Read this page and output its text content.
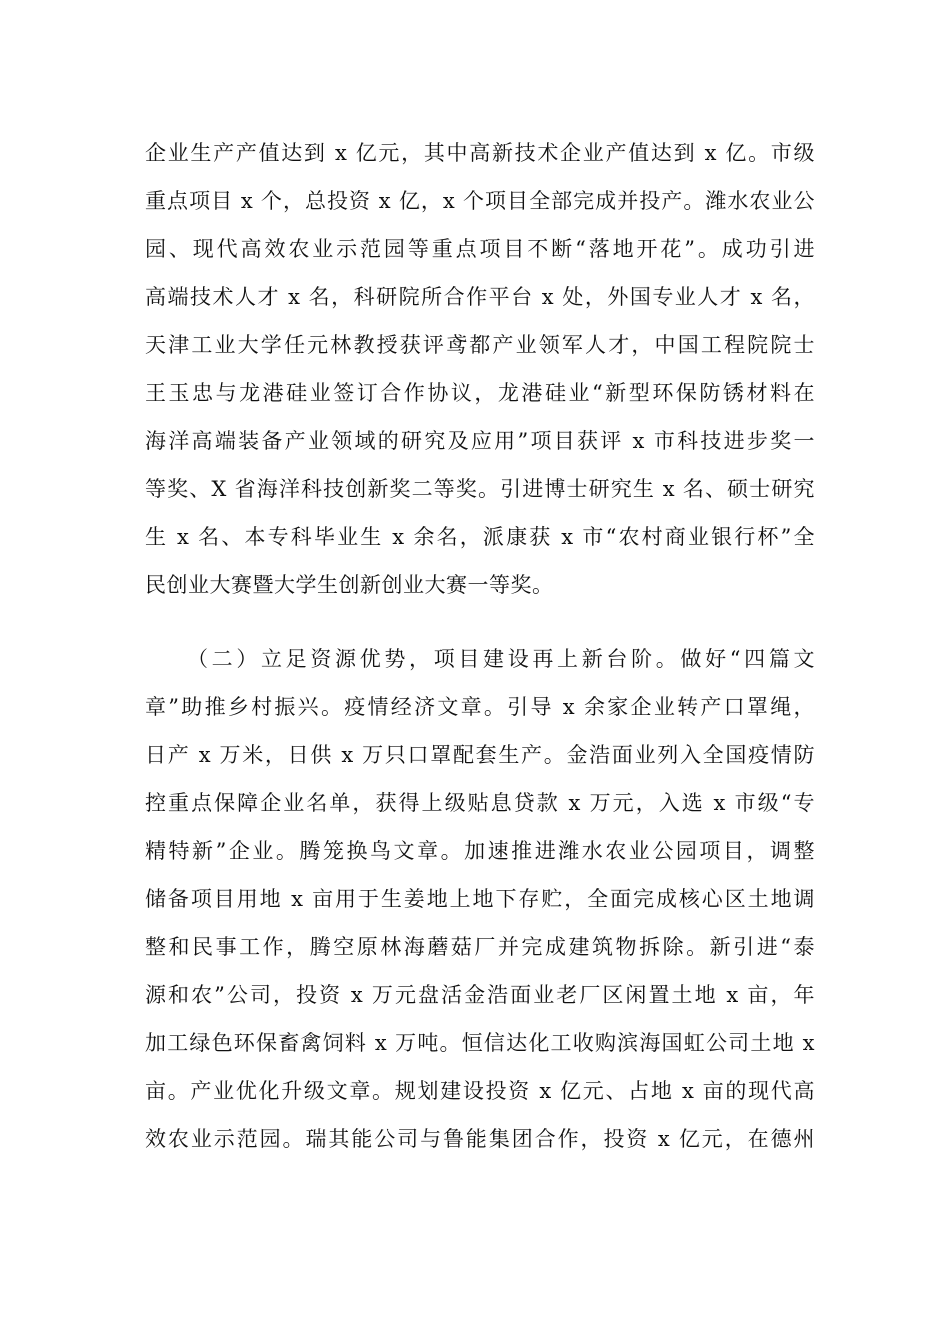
企业生产产值达到 x 亿元，其中高新技术企业产值达到 x 亿。市级
重点项目 x 个，总投资 x 亿，x 个项目全部完成并投产。潍水农业公
园、现代高效农业示范园等重点项目不断“落地开花”。成功引进
高端技术人才 x 名，科研院所合作平台 x 处，外国专业人才 x 名，
天津工业大学任元林教授获评鸢都产业领军人才，中国工程院院士
王玉忠与龙港硅业签订合作协议，龙港硅业“新型环保防锈材料在
海洋高端装备产业领域的研究及应用”项目获评 x 市科技进步奖一
等奖、X 省海洋科技创新奖二等奖。引进博士研究生 x 名、硕士研究
生 x 名、本专科毕业生 x 余名，派康获 x 市“农村商业银行杯”全
民创业大赛暨大学生创新创业大赛一等奖。
（二）立足资源优势，项目建设再上新台阶。做好“四篇文
章”助推乡村振兴。疫情经济文章。引导 x 余家企业转产口罩绳，
日产 x 万米，日供 x 万只口罩配套生产。金浩面业列入全国疫情防
控重点保障企业名单，获得上级贴息贷款 x 万元，入选 x 市级“专
精特新”企业。腾笼换鸟文章。加速推进潍水农业公园项目，调整
储备项目用地 x 亩用于生姜地上地下存贮，全面完成核心区土地调
整和民事工作，腾空原林海蘑菇厂并完成建筑物拆除。新引进“泰
源和农”公司，投资 x 万元盘活金浩面业老厂区闲置土地 x 亩，年
加工绿色环保畜禽饲料 x 万吨。恒信达化工收购滨海国虹公司土地 x
亩。产业优化升级文章。规划建设投资 x 亿元、占地 x 亩的现代高
效农业示范园。瑞其能公司与鲁能集团合作，投资 x 亿元，在德州
